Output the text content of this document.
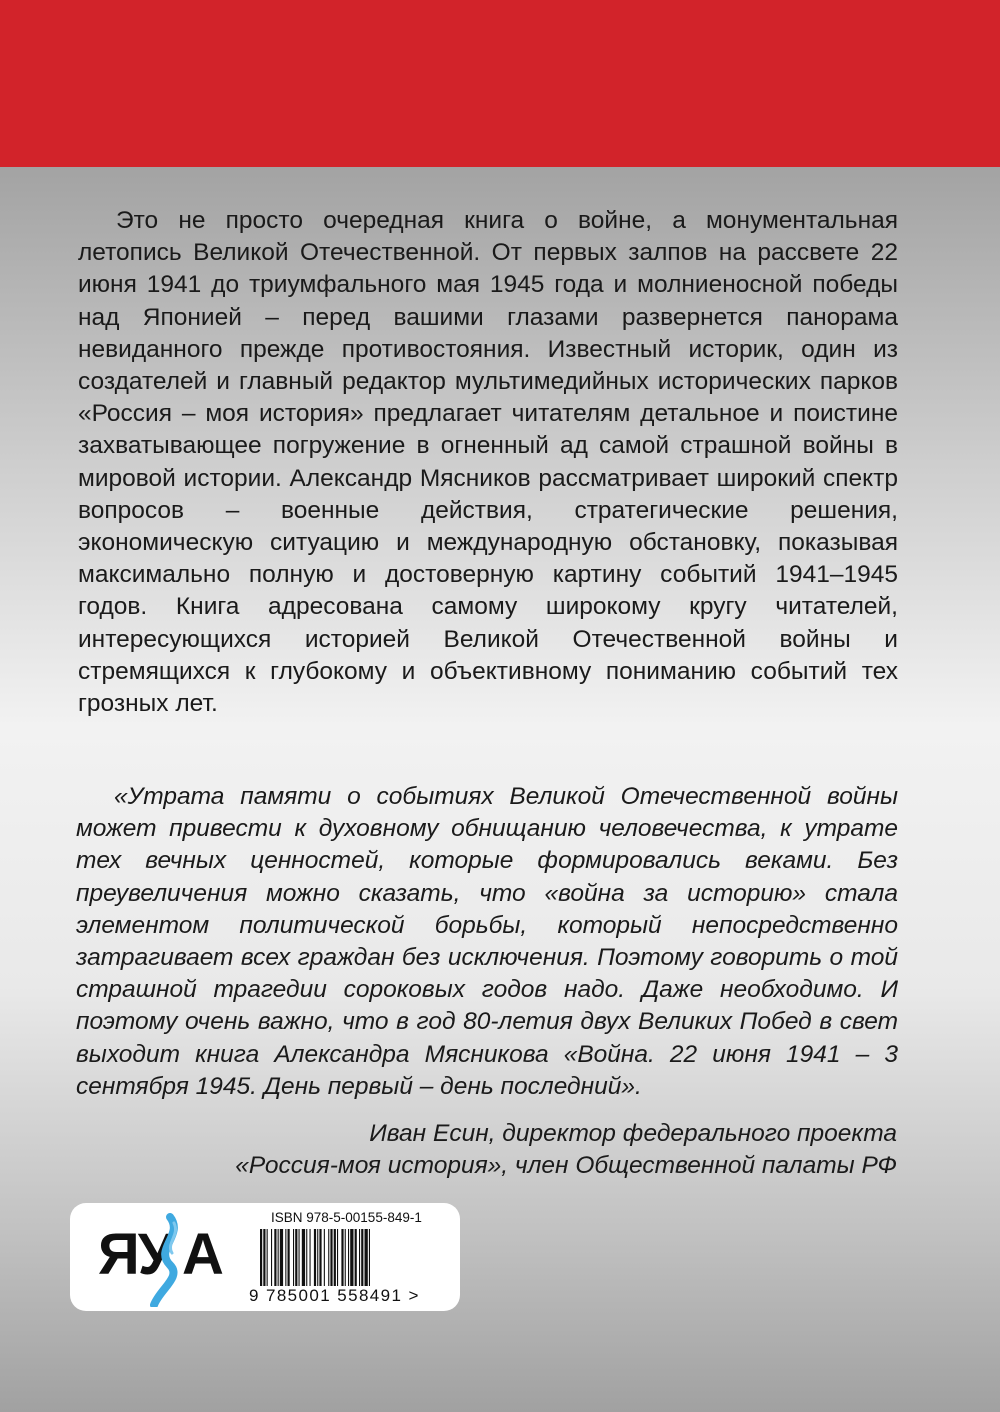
Это не просто очередная книга о войне, а монументальная летопись Великой Отечественной. От первых залпов на рассвете 22 июня 1941 до триумфального мая 1945 года и молниеносной победы над Японией – перед вашими глазами развернется панорама невиданного прежде противостояния. Известный историк, один из создателей и главный редактор мультимедийных исторических парков «Россия – моя история» предлагает читателям детальное и поистине захватывающее погружение в огненный ад самой страшной войны в мировой истории. Александр Мясников рассматривает широкий спектр вопросов – военные действия, стратегические решения, экономическую ситуацию и международную обстановку, показывая максимально полную и достоверную картину событий 1941–1945 годов. Книга адресована самому широкому кругу читателей, интересующихся историей Великой Отечественной войны и стремящихся к глубокому и объективному пониманию событий тех грозных лет.

«Утрата памяти о событиях Великой Отечественной войны может привести к духовному обнищанию человечества, к утрате тех вечных ценностей, которые формировались веками. Без преувеличения можно сказать, что «война за историю» стала элементом политической борьбы, который непосредственно затрагивает всех граждан без исключения. Поэтому говорить о той страшной трагедии сороковых годов надо. Даже необходимо. И поэтому очень важно, что в год 80-летия двух Великих Побед в свет выходит книга Александра Мясникова «Война. 22 июня 1941 – 3 сентября 1945. День первый – день последний».

Иван Есин, директор федерального проекта
«Россия-моя история», член Общественной палаты РФ
ЯУ А
ISBN 978-5-00155-849-1
9 785001 558491 >
